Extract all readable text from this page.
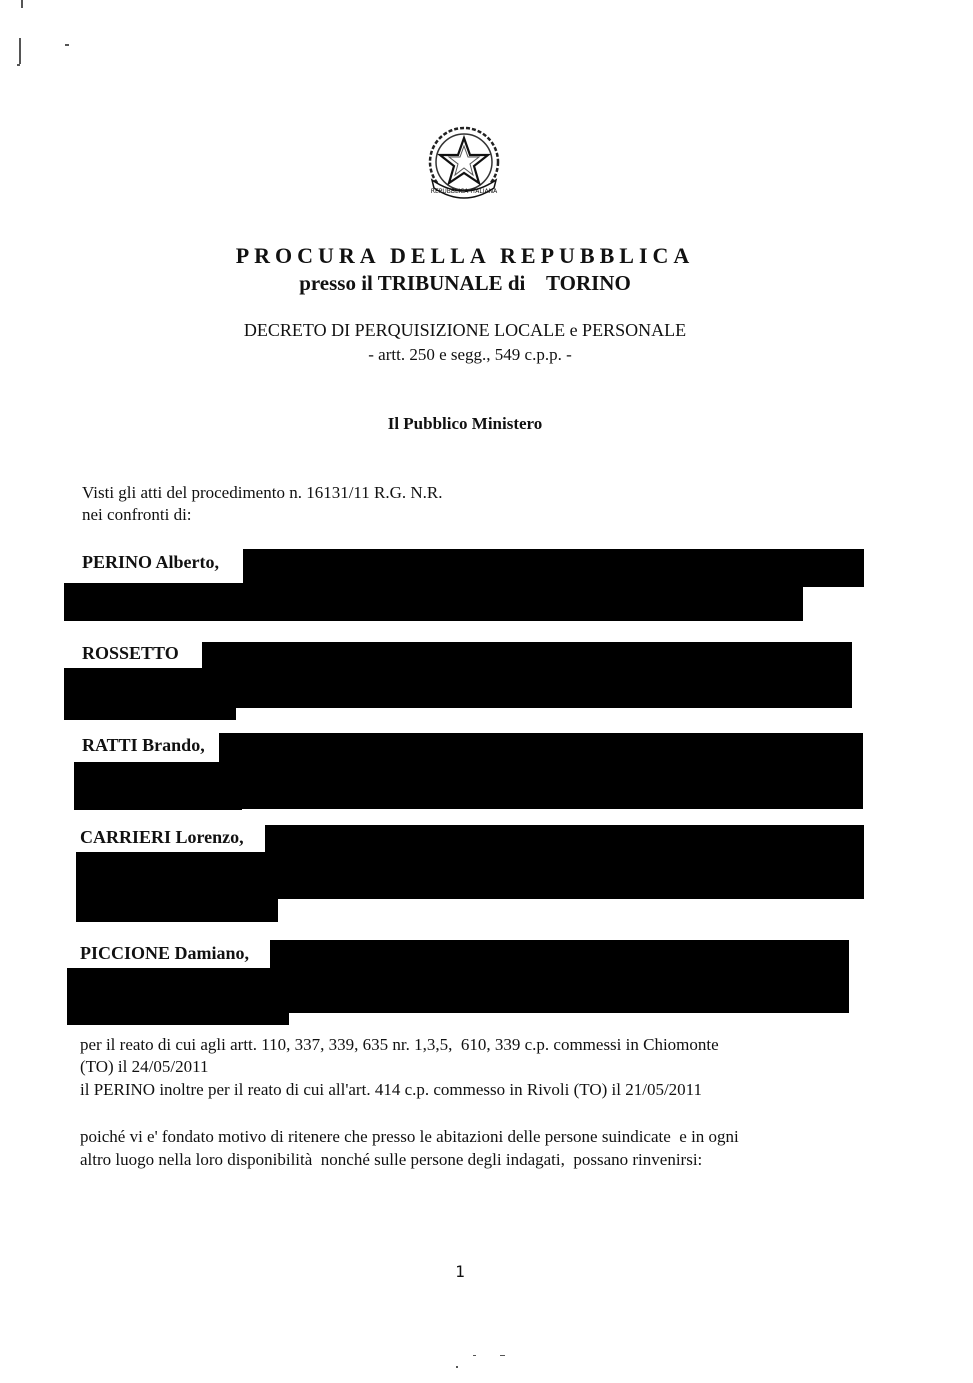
REPUBBLICA ITALIANA
PROCURA DELLA REPUBBLICA
presso il TRIBUNALE di    TORINO
DECRETO DI PERQUISIZIONE LOCALE e PERSONALE
- artt. 250 e segg., 549 c.p.p. -
Il Pubblico Ministero
Visti gli atti del procedimento n. 16131/11 R.G. N.R.
nei confronti di:
PERINO Alberto,
ROSSETTO
RATTI Brando,
CARRIERI Lorenzo,
PICCIONE Damiano,
per il reato di cui agli artt. 110, 337, 339, 635 nr. 1,3,5,  610, 339 c.p. commessi in Chiomonte
(TO) il 24/05/2011
il PERINO inoltre per il reato di cui all'art. 414 c.p. commesso in Rivoli (TO) il 21/05/2011
poiché vi e' fondato motivo di ritenere che presso le abitazioni delle persone suindicate  e in ogni
altro luogo nella loro disponibilità  nonché sulle persone degli indagati,  possano rinvenirsi:
1
